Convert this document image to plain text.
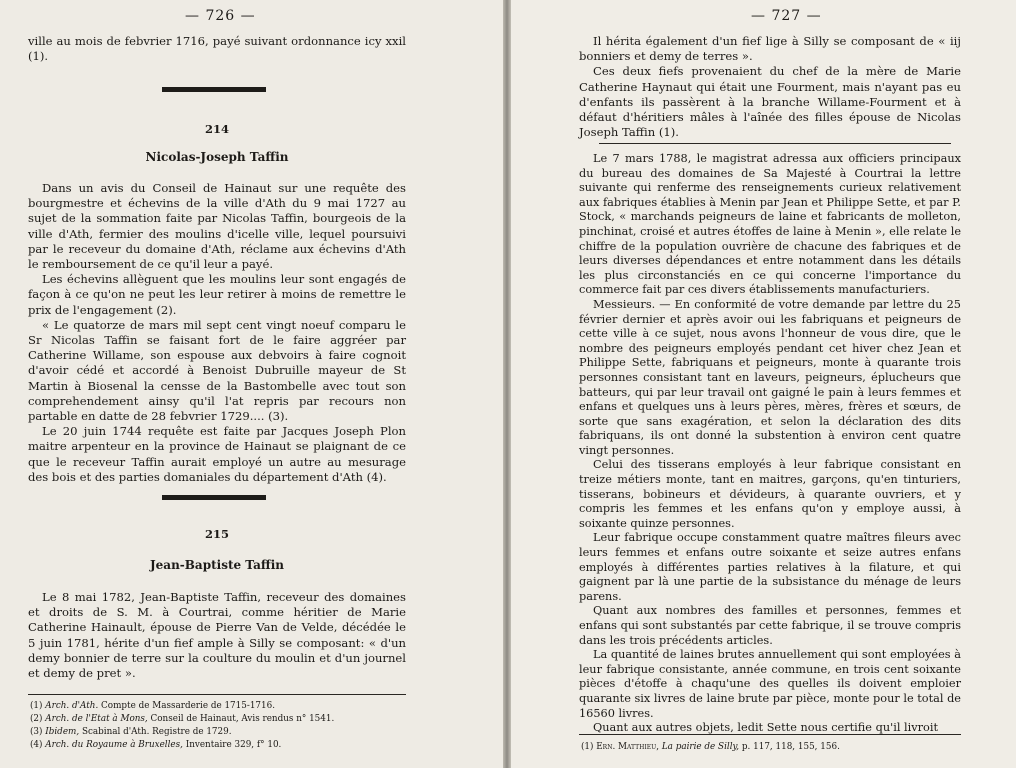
— 726 —

ville au mois de febvrier 1716, payé suivant ordonnance icy xxil (1).

214
Nicolas-Joseph Taffin

Dans un avis du Conseil de Hainaut sur une requête des bourgmestre et échevins de la ville d'Ath du 9 mai 1727 au sujet de la sommation faite par Nicolas Taffin, bourgeois de la ville d'Ath, fermier des moulins d'icelle ville, lequel poursuivi par le receveur du domaine d'Ath, réclame aux échevins d'Ath le remboursement de ce qu'il leur a payé.

Les échevins allèguent que les moulins leur sont engagés de façon à ce qu'on ne peut les leur retirer à moins de remettre le prix de l'engagement (2).

« Le quatorze de mars mil sept cent vingt noeuf comparu le Sr Nicolas Taffin se faisant fort de le faire aggréer par Catherine Willame, son espouse aux debvoirs à faire cognoit d'avoir cédé et accordé à Benoist Dubruille mayeur de St Martin à Biosenal la censse de la Bastombelle avec tout son comprehendement ainsy qu'il l'at repris par recours non partable en datte de 28 febvrier 1729.... (3).

Le 20 juin 1744 requête est faite par Jacques Joseph Plon maitre arpenteur en la province de Hainaut se plaignant de ce que le receveur Taffin aurait employé un autre au mesurage des bois et des parties domaniales du département d'Ath (4).

215
Jean-Baptiste Taffin

Le 8 mai 1782, Jean-Baptiste Taffin, receveur des domaines et droits de S. M. à Courtrai, comme héritier de Marie Catherine Hainault, épouse de Pierre Van de Velde, décédée le 5 juin 1781, hérite d'un fief ample à Silly se composant: « d'un demy bonnier de terre sur la coulture du moulin et d'un journel et demy de pret ».

(1) Arch. d'Ath. Compte de Massarderie de 1715-1716.
(2) Arch. de l'Etat à Mons, Conseil de Hainaut, Avis rendus n° 1541.
(3) Ibidem, Scabinal d'Ath. Registre de 1729.
(4) Arch. du Royaume à Bruxelles, Inventaire 329, f° 10.
— 727 —

Il hérita également d'un fief lige à Silly se composant de « iij bonniers et demy de terres ».

Ces deux fiefs provenaient du chef de la mère de Marie Catherine Haynaut qui était une Fourment, mais n'ayant pas eu d'enfants ils passèrent à la branche Willame-Fourment et à défaut d'héritiers mâles à l'aînée des filles épouse de Nicolas Joseph Taffin (1).

Le 7 mars 1788, le magistrat adressa aux officiers principaux du bureau des domaines de Sa Majesté à Courtrai la lettre suivante qui renferme des renseignements curieux relativement aux fabriques établies à Menin par Jean et Philippe Sette, et par P. Stock, « marchands peigneurs de laine et fabricants de molleton, pinchinat, croisé et autres étoffes de laine à Menin », elle relate le chiffre de la population ouvrière de chacune des fabriques et de leurs diverses dépendances et entre notamment dans les détails les plus circonstanciés en ce qui concerne l'importance du commerce fait par ces divers établissements manufacturiers.

Messieurs. — En conformité de votre demande par lettre du 25 février dernier et après avoir oui les fabriquans et peigneurs de cette ville à ce sujet, nous avons l'honneur de vous dire, que le nombre des peigneurs employés pendant cet hiver chez Jean et Philippe Sette, fabriquans et peigneurs, monte à quarante trois personnes consistant tant en laveurs, peigneurs, éplucheurs que batteurs, qui par leur travail ont gaigné le pain à leurs femmes et enfans et quelques uns à leurs pères, mères, frères et sœurs, de sorte que sans exagération, et selon la déclaration des dits fabriquans, ils ont donné la substention à environ cent quatre vingt personnes.

Celui des tisserans employés à leur fabrique consistant en treize métiers monte, tant en maitres, garçons, qu'en tinturiers, tisserans, bobineurs et dévideurs, à quarante ouvriers, et y compris les femmes et les enfans qu'on y employe aussi, à soixante quinze personnes.

Leur fabrique occupe constamment quatre maîtres fileurs avec leurs femmes et enfans outre soixante et seize autres enfans employés à différentes parties relatives à la filature, et qui gaignent par là une partie de la subsistance du ménage de leurs parens.

Quant aux nombres des familles et personnes, femmes et enfans qui sont substantés par cette fabrique, il se trouve compris dans les trois précédents articles.

La quantité de laines brutes annuellement qui sont employées à leur fabrique consistante, année commune, en trois cent soixante pièces d'étoffe à chaqu'une des quelles ils doivent emploier quarante six livres de laine brute par pièce, monte pour le total de 16560 livres.

Quant aux autres objets, ledit Sette nous certifie qu'il livroit

(1) Ern. Matthieu, La pairie de Silly, p. 117, 118, 155, 156.
